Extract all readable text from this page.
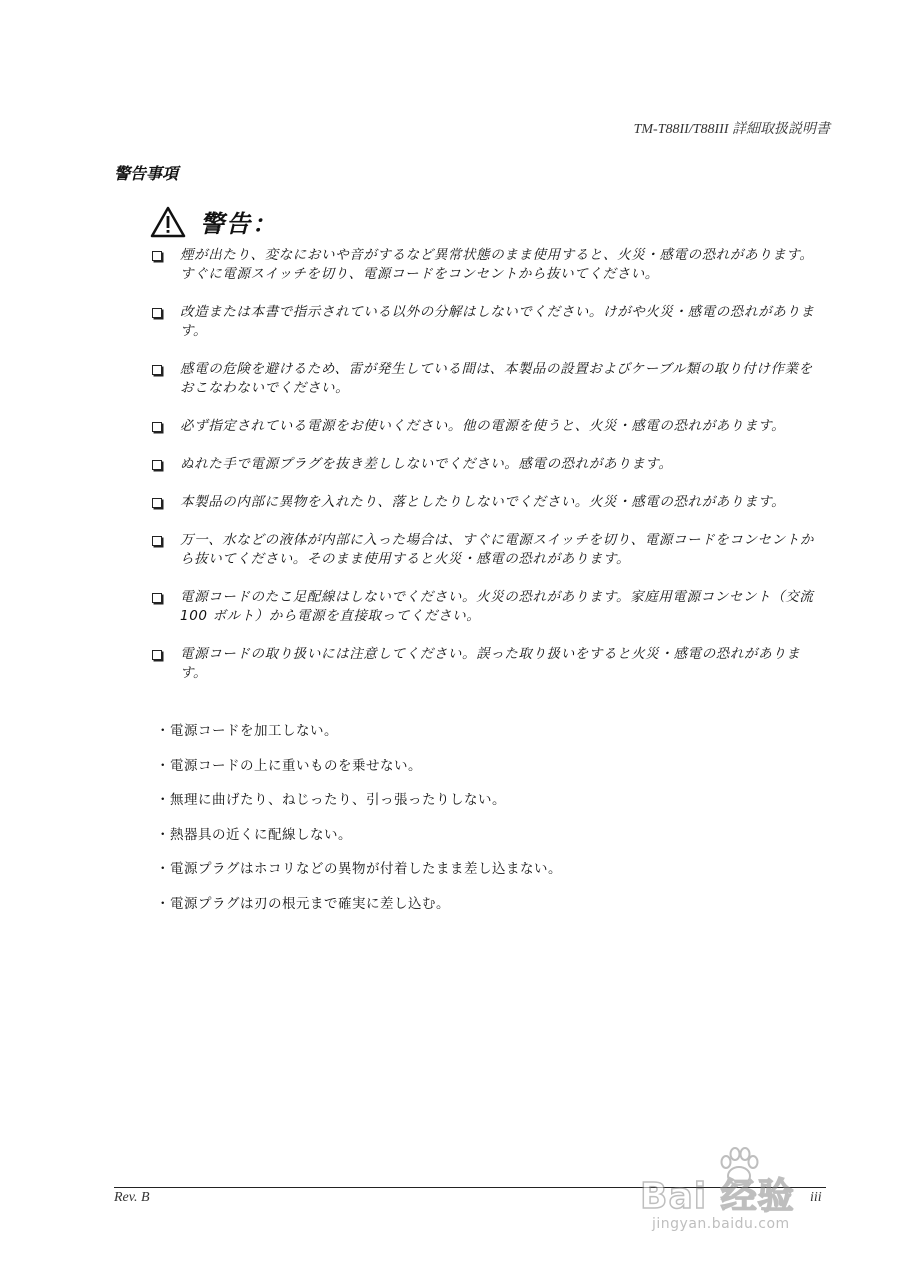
TM-T88II/T88III 詳細取扱説明書
警告事項
警告：
煙が出たり、変なにおいや音がするなど異常状態のまま使用すると、火災・感電の恐れがあります。すぐに電源スイッチを切り、電源コードをコンセントから抜いてください。
改造または本書で指示されている以外の分解はしないでください。けがや火災・感電の恐れがあります。
感電の危険を避けるため、雷が発生している間は、本製品の設置およびケーブル類の取り付け作業をおこなわないでください。
必ず指定されている電源をお使いください。他の電源を使うと、火災・感電の恐れがあります。
ぬれた手で電源プラグを抜き差ししないでください。感電の恐れがあります。
本製品の内部に異物を入れたり、落としたりしないでください。火災・感電の恐れがあります。
万一、水などの液体が内部に入った場合は、すぐに電源スイッチを切り、電源コードをコンセントから抜いてください。そのまま使用すると火災・感電の恐れがあります。
電源コードのたこ足配線はしないでください。火災の恐れがあります。家庭用電源コンセント（交流 100 ボルト）から電源を直接取ってください。
電源コードの取り扱いには注意してください。誤った取り扱いをすると火災・感電の恐れがあります。
・ 電源コードを加工しない。
・ 電源コードの上に重いものを乗せない。
・ 無理に曲げたり、ねじったり、引っ張ったりしない。
・ 熱器具の近くに配線しない。
・ 電源プラグはホコリなどの異物が付着したまま差し込まない。
・ 電源プラグは刃の根元まで確実に差し込む。
Rev. B	iii
Bai 经验
jingyan.baidu.com
